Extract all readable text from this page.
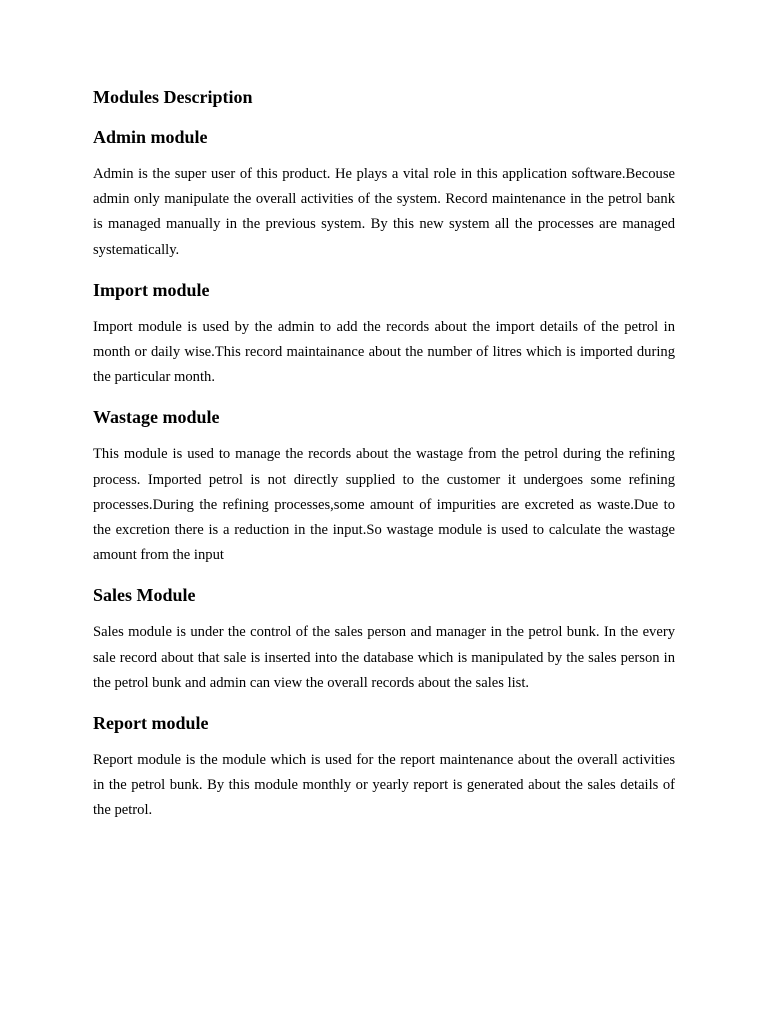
Modules Description
Admin module

Admin is the super user of this product. He plays a vital role in this application software.Becouse admin only manipulate the overall activities of the system. Record maintenance in the petrol bank is managed manually in the previous system. By this new system all the processes are managed systematically.

Import module

Import module is used by the admin to add the records about the import details of the petrol in month or daily wise.This record maintainance about the number of litres which is imported during the particular month.

Wastage module

This module is used to manage the records about the wastage from the petrol during the refining process. Imported petrol is not directly supplied to the customer it undergoes some refining processes.During the refining processes,some amount of impurities are excreted as waste.Due to the excretion there is a reduction in the input.So wastage module is used to calculate the wastage amount from the input

Sales Module

Sales module is under the control of the sales person and manager in the petrol bunk. In the every sale record about that sale is inserted into the database which is manipulated by the sales person in the petrol bunk and admin can view the overall records about the sales list.

Report module

Report module is the module which is used for the report maintenance about the overall activities in the petrol bunk. By this module monthly or yearly report is generated about the sales details of the petrol.
